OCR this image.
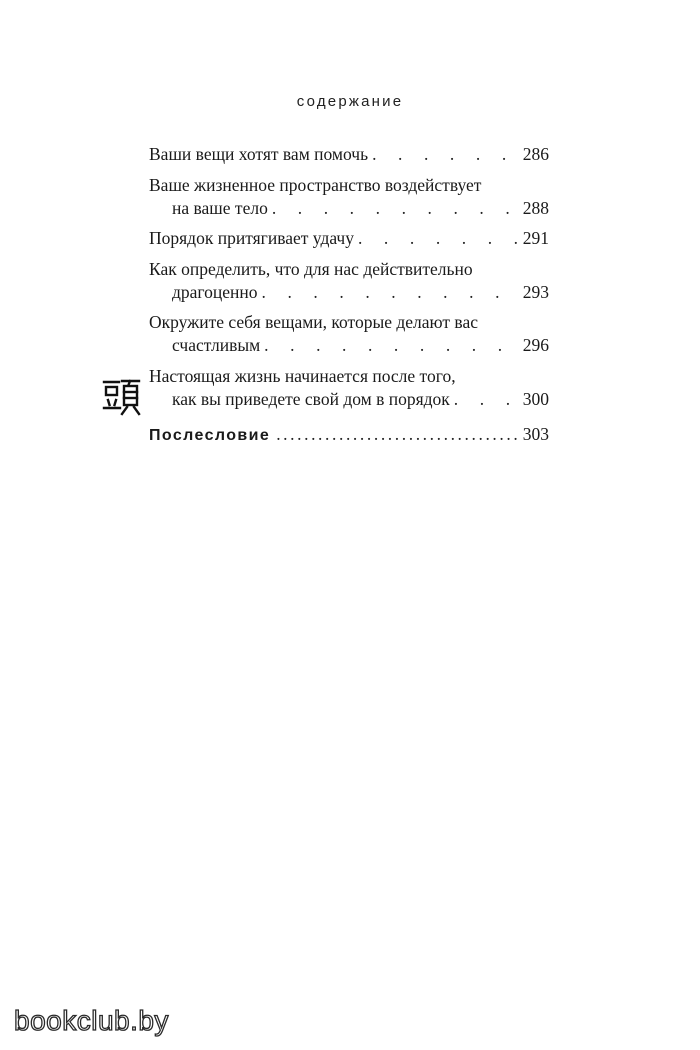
содержание
Ваши вещи хотят вам помочь . . .	286
Ваше жизненное пространство воздействует
на ваше тело . . .	288
Порядок притягивает удачу . . .	291
Как определить, что для нас действительно
драгоценно . . .	293
Окружите себя вещами, которые делают вас
счастливым . . .	296
Настоящая жизнь начинается после того,
как вы приведете свой дом в порядок . . .	300
Послесловие .....	303
bookclub.by
